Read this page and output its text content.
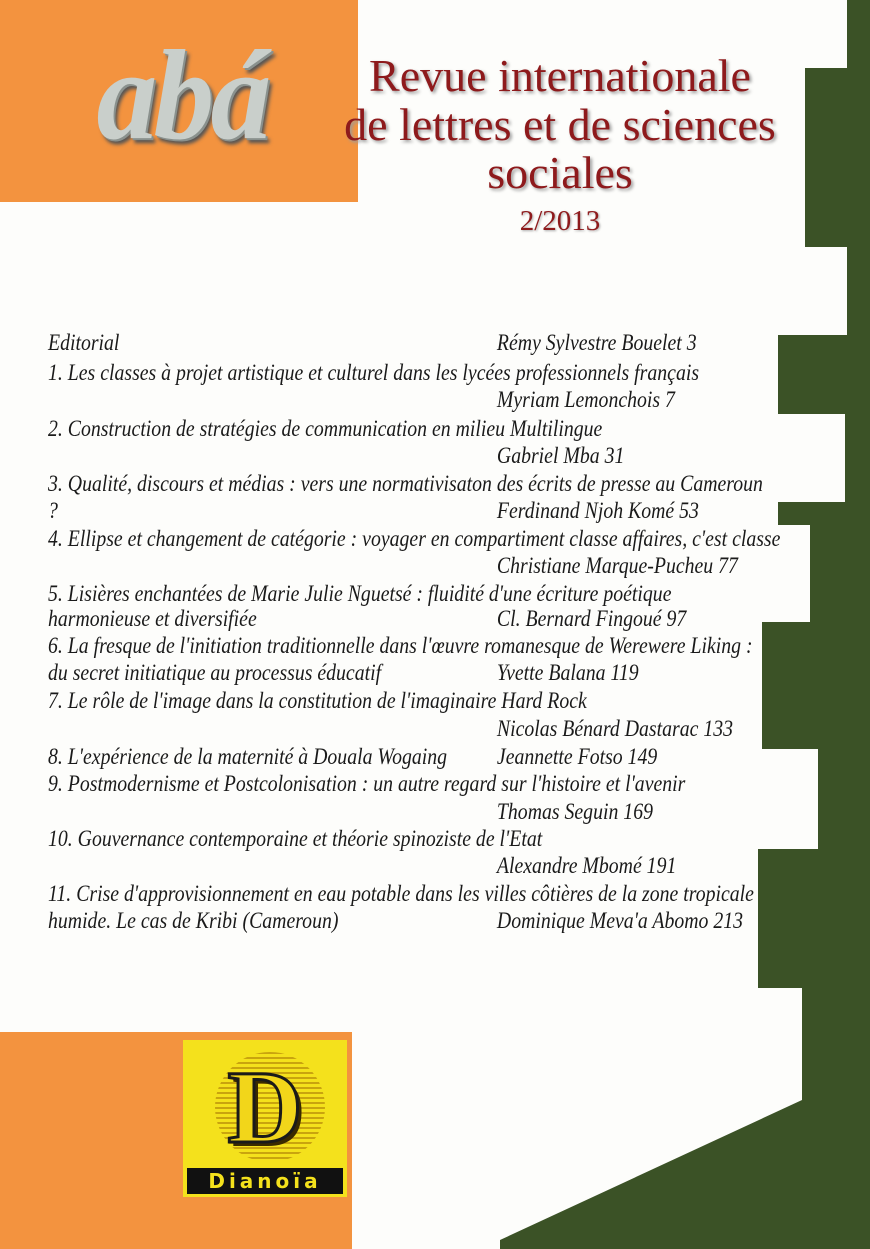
abá	Revue internationale
de lettres et de sciences
sociales
2/2013
Editorial	Rémy Sylvestre Bouelet 3
1. Les classes à projet artistique et culturel dans les lycées professionnels français
Myriam Lemonchois 7
2. Construction de stratégies de communication en milieu Multilingue
Gabriel Mba 31
3. Qualité, discours et médias : vers une normativisaton des écrits de presse au Cameroun
?	Ferdinand Njoh Komé 53
4. Ellipse et changement de catégorie : voyager en compartiment classe affaires, c'est classe
Christiane Marque-Pucheu 77
5. Lisières enchantées de Marie Julie Nguetsé : fluidité d'une écriture poétique
harmonieuse et diversifiée	Cl. Bernard Fingoué 97
6. La fresque de l'initiation traditionnelle dans l'œuvre romanesque de Werewere Liking :
du secret initiatique au processus éducatif	Yvette Balana 119
7. Le rôle de l'image dans la constitution de l'imaginaire Hard Rock
Nicolas Bénard Dastarac 133
8. L'expérience de la maternité à Douala Wogaing Jeannette Fotso 149
9. Postmodernisme et Postcolonisation : un autre regard sur l'histoire et l'avenir
Thomas Seguin 169
10. Gouvernance contemporaine et théorie spinoziste de l'Etat
Alexandre Mbomé 191
11. Crise d'approvisionnement en eau potable dans les villes côtières de la zone tropicale
humide. Le cas de Kribi (Cameroun)	Dominique Meva'a Abomo 213
D
Dianoïa
